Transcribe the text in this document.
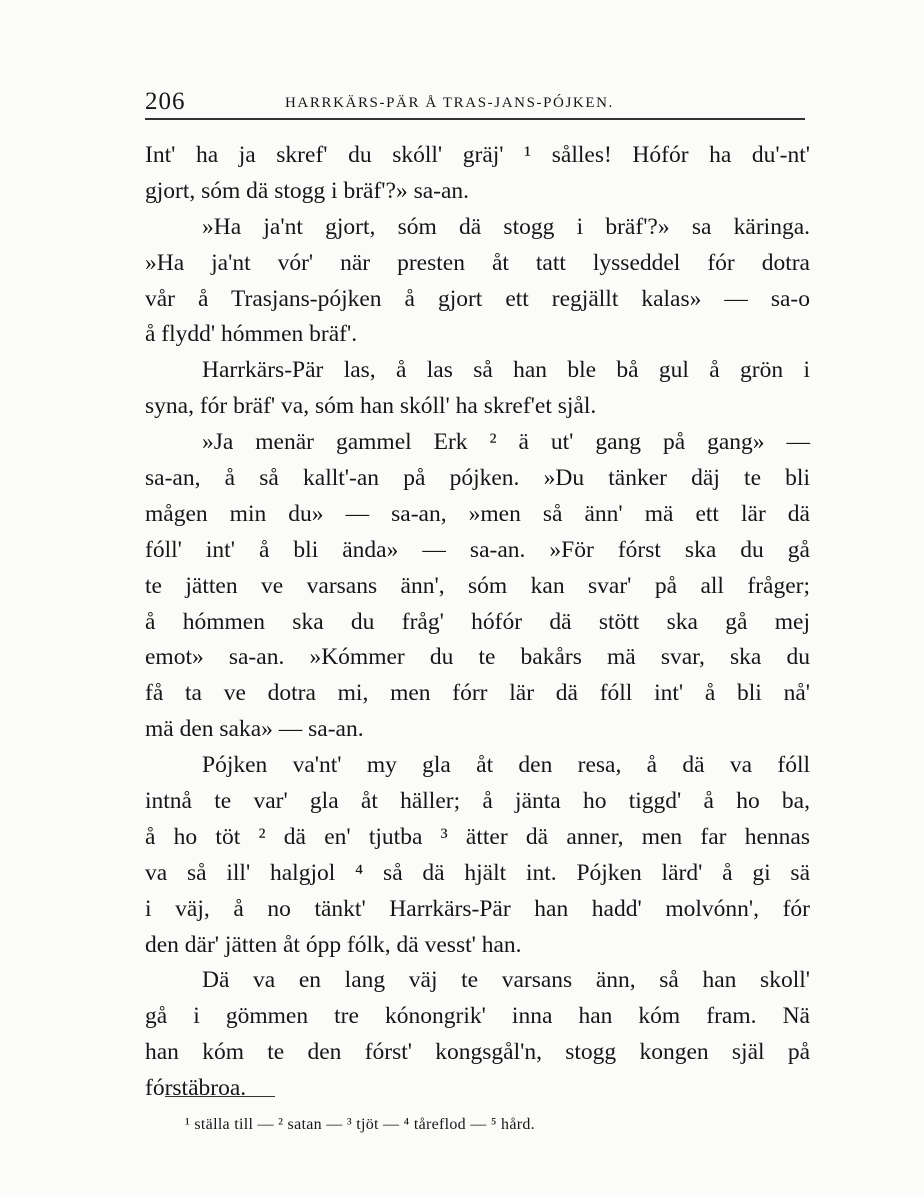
206	HARRKÄRS-PÄR Å TRAS-JANS-PÓJKEN.
Int' ha ja skref' du skóll' gräj' ¹ sålles! Hófór ha du'-nt'
gjort, sóm dä stogg i bräf'?» sa-an.
»Ha ja'nt gjort, sóm dä stogg i bräf'?» sa käringa.
»Ha ja'nt vór' när presten åt tatt lysseddel fór dotra
vår å Trasjans-pójken å gjort ett regjällt kalas» — sa-o
å flydd' hómmen bräf'.
Harrkärs-Pär las, å las så han ble bå gul å grön i
syna, fór bräf' va, sóm han skóll' ha skref'et sjål.
»Ja menär gammel Erk ² ä ut' gang på gang» —
sa-an, å så kallt'-an på pójken. »Du tänker däj te bli
mågen min du» — sa-an, »men så änn' mä ett lär dä
fóll' int' å bli ända» — sa-an. »För fórst ska du gå
te jätten ve varsans änn', sóm kan svar' på all fråger;
å hómmen ska du fråg' hófór dä stött ska gå mej
emot» sa-an. »Kómmer du te bakårs mä svar, ska du
få ta ve dotra mi, men fórr lär dä fóll int' å bli nå'
mä den saka» — sa-an.
Pójken va'nt' my gla åt den resa, å dä va fóll
intnå te var' gla åt häller; å jänta ho tiggd' å ho ba,
å ho töt ² dä en' tjutba ³ ätter dä anner, men far hennas
va så ill' halgjol ⁴ så dä hjält int. Pójken lärd' å gi sä
i väj, å no tänkt' Harrkärs-Pär han hadd' molvónn', fór
den där' jätten åt ópp fólk, dä vesst' han.
Dä va en lang väj te varsans änn, så han skoll'
gå i gömmen tre kónongrik' inna han kóm fram. Nä
han kóm te den fórst' kongsgål'n, stogg kongen själ på
fórstäbroa.
¹ ställa till — ² satan — ³ tjöt — ⁴ tåreflod — ⁵ hård.
